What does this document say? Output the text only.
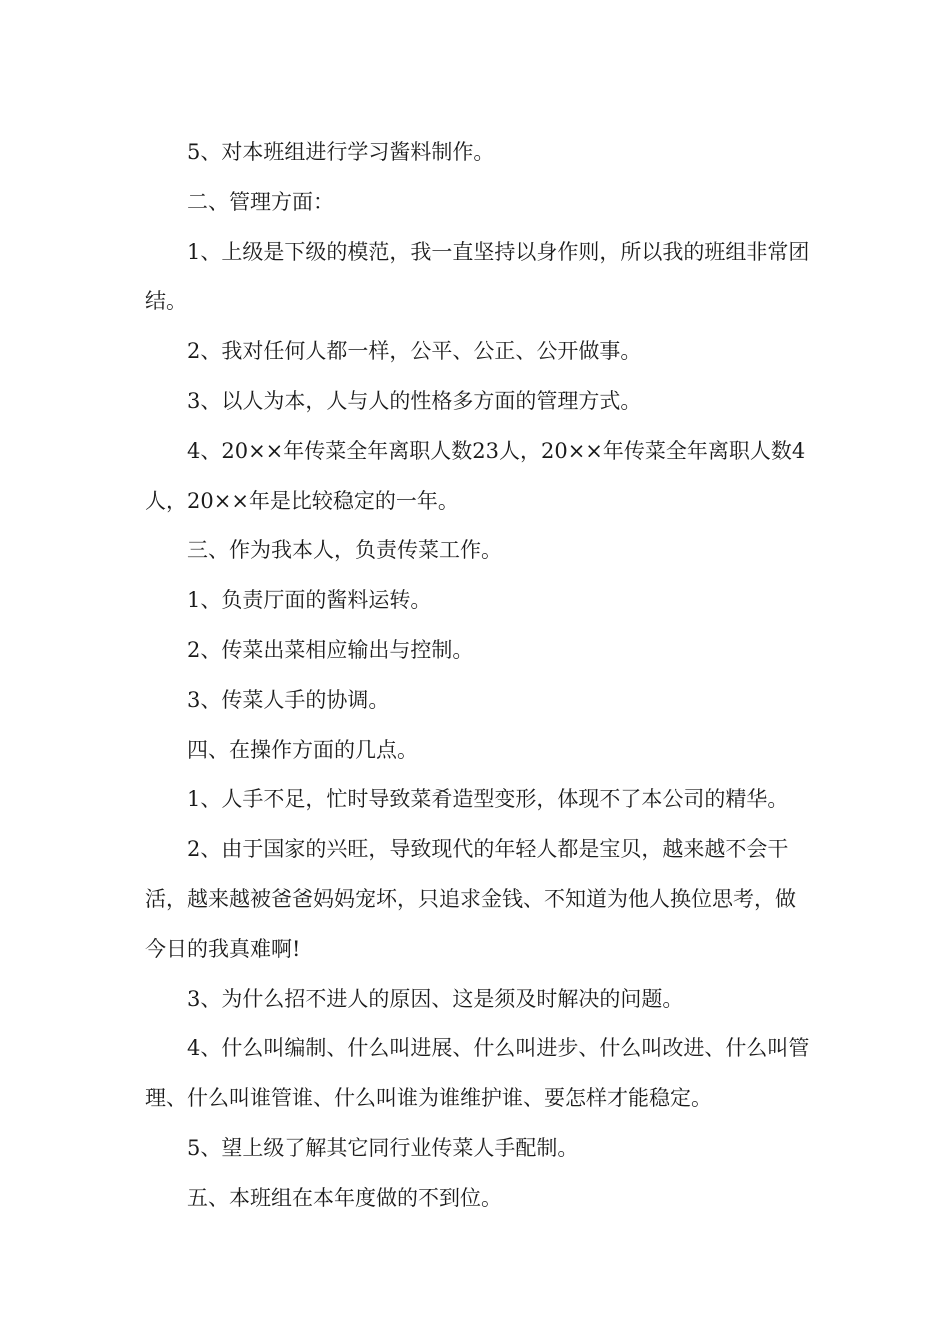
5、对本班组进行学习酱料制作。

二、管理方面：

1、上级是下级的模范，我一直坚持以身作则，所以我的班组非常团结。

2、我对任何人都一样，公平、公正、公开做事。

3、以人为本，人与人的性格多方面的管理方式。

4、20××年传菜全年离职人数23人，20××年传菜全年离职人数4人，20××年是比较稳定的一年。

三、作为我本人，负责传菜工作。

1、负责厅面的酱料运转。

2、传菜出菜相应输出与控制。

3、传菜人手的协调。

四、在操作方面的几点。

1、人手不足，忙时导致菜肴造型变形，体现不了本公司的精华。

2、由于国家的兴旺，导致现代的年轻人都是宝贝，越来越不会干活，越来越被爸爸妈妈宠坏，只追求金钱、不知道为他人换位思考，做今日的我真难啊!

3、为什么招不进人的原因、这是须及时解决的问题。

4、什么叫编制、什么叫进展、什么叫进步、什么叫改进、什么叫管理、什么叫谁管谁、什么叫谁为谁维护谁、要怎样才能稳定。

5、望上级了解其它同行业传菜人手配制。

五、本班组在本年度做的不到位。
